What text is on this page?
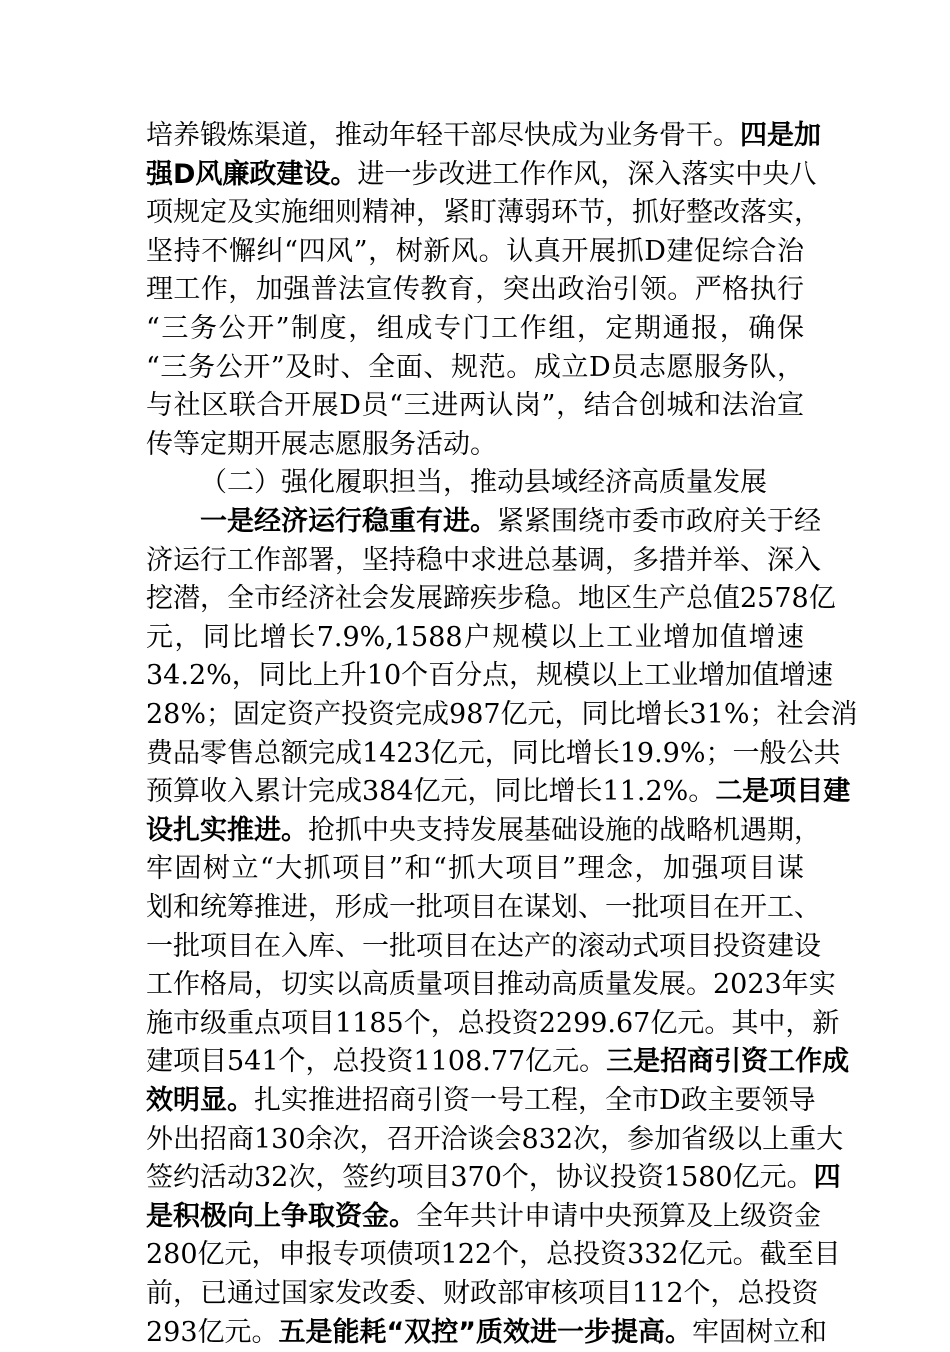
培养锻炼渠道，推动年轻干部尽快成为业务骨干。四是加
强D风廉政建设。进一步改进工作作风，深入落实中央八
项规定及实施细则精神，紧盯薄弱环节，抓好整改落实，
坚持不懈纠“四风”，树新风。认真开展抓D建促综合治
理工作，加强普法宣传教育，突出政治引领。严格执行
“三务公开”制度，组成专门工作组，定期通报，确保
“三务公开”及时、全面、规范。成立D员志愿服务队，
与社区联合开展D员“三进两认岗”，结合创城和法治宣
传等定期开展志愿服务活动。
（二）强化履职担当，推动县域经济高质量发展
一是经济运行稳重有进。紧紧围绕市委市政府关于经
济运行工作部署，坚持稳中求进总基调，多措并举、深入
挖潜，全市经济社会发展蹄疾步稳。地区生产总值2578亿
元，同比增长7.9%,1588户规模以上工业增加值增速
34.2%，同比上升10个百分点，规模以上工业增加值增速
28%；固定资产投资完成987亿元，同比增长31%；社会消
费品零售总额完成1423亿元，同比增长19.9%；一般公共
预算收入累计完成384亿元，同比增长11.2%。二是项目建
设扎实推进。抢抓中央支持发展基础设施的战略机遇期，
牢固树立“大抓项目”和“抓大项目”理念，加强项目谋
划和统筹推进，形成一批项目在谋划、一批项目在开工、
一批项目在入库、一批项目在达产的滚动式项目投资建设
工作格局，切实以高质量项目推动高质量发展。2023年实
施市级重点项目1185个，总投资2299.67亿元。其中，新
建项目541个，总投资1108.77亿元。三是招商引资工作成
效明显。扎实推进招商引资一号工程，全市D政主要领导
外出招商130余次，召开洽谈会832次，参加省级以上重大
签约活动32次，签约项目370个，协议投资1580亿元。四
是积极向上争取资金。全年共计申请中央预算及上级资金
280亿元，申报专项债项122个，总投资332亿元。截至目
前，已通过国家发改委、财政部审核项目112个，总投资
293亿元。五是能耗“双控”质效进一步提高。牢固树立和
